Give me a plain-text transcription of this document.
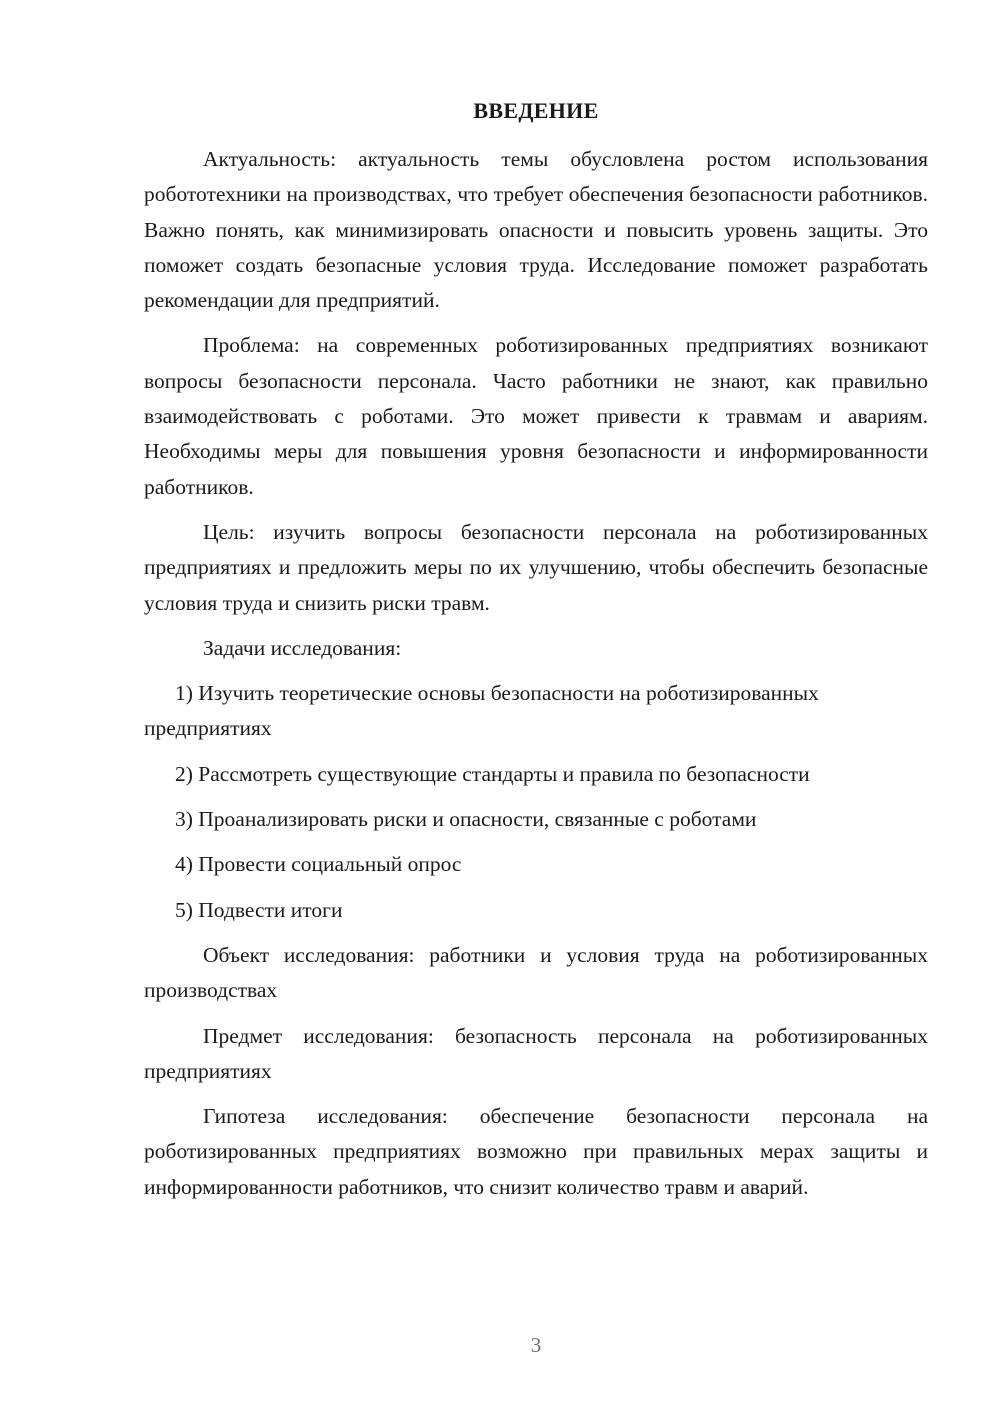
ВВЕДЕНИЕ

Актуальность: актуальность темы обусловлена ростом использования робототехники на производствах, что требует обеспечения безопасности работников. Важно понять, как минимизировать опасности и повысить уровень защиты. Это поможет создать безопасные условия труда. Исследование поможет разработать рекомендации для предприятий.

Проблема: на современных роботизированных предприятиях возникают вопросы безопасности персонала. Часто работники не знают, как правильно взаимодействовать с роботами. Это может привести к травмам и авариям. Необходимы меры для повышения уровня безопасности и информированности работников.

Цель: изучить вопросы безопасности персонала на роботизированных предприятиях и предложить меры по их улучшению, чтобы обеспечить безопасные условия труда и снизить риски травм.

Задачи исследования:

1) Изучить теоретические основы безопасности на роботизированных предприятиях

2) Рассмотреть существующие стандарты и правила по безопасности

3) Проанализировать риски и опасности, связанные с роботами

4) Провести социальный опрос

5) Подвести итоги

Объект исследования: работники и условия труда на роботизированных производствах

Предмет исследования: безопасность персонала на роботизированных предприятиях

Гипотеза исследования: обеспечение безопасности персонала на роботизированных предприятиях возможно при правильных мерах защиты и информированности работников, что снизит количество травм и аварий.

3
